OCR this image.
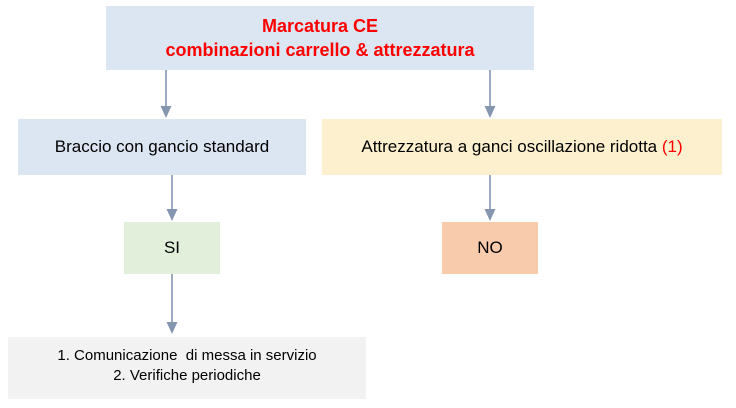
Marcatura CE
combinazioni carrello & attrezzatura
Braccio con gancio standard	Attrezzatura a ganci oscillazione ridotta (1)
SI	NO
1. Comunicazione  di messa in servizio
2. Verifiche periodiche
